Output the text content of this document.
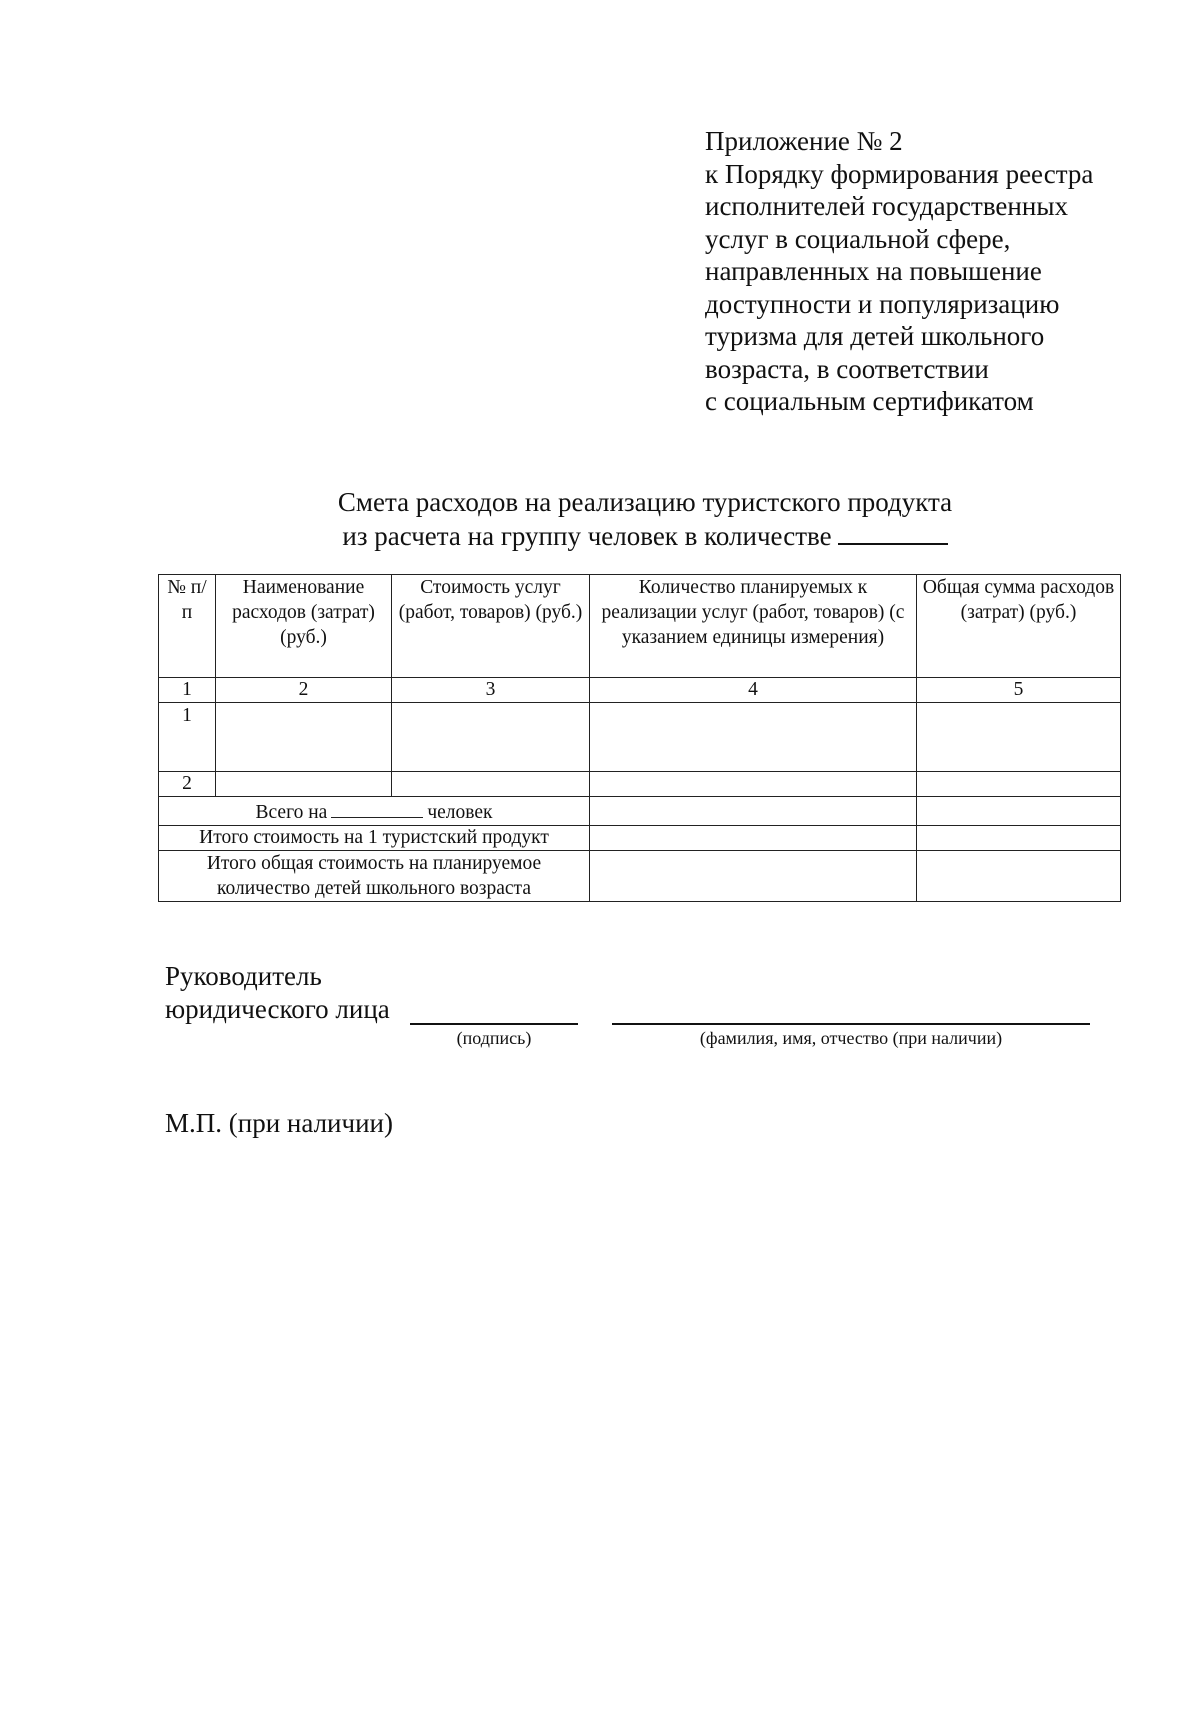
Приложение № 2
к Порядку формирования реестра
исполнителей государственных
услуг в социальной сфере,
направленных на повышение
доступности и популяризацию
туризма для детей школьного
возраста, в соответствии
с социальным сертификатом
Смета расходов на реализацию туристского продукта
из расчета на группу человек в количестве
№ п/п	Наименование расходов (затрат) (руб.)	Стоимость услуг (работ, товаров) (руб.)	Количество планируемых к реализации услуг (работ, товаров) (с указанием единицы измерения)	Общая сумма расходов (затрат) (руб.)
1	2	3	4	5
1				
2				
Всего на человек				
Итого стоимость на 1 туристский продукт				
Итого общая стоимость на планируемое количество детей школьного возраста				
Руководитель
юридического лица
(подпись)	(фамилия, имя, отчество (при наличии)
М.П. (при наличии)
